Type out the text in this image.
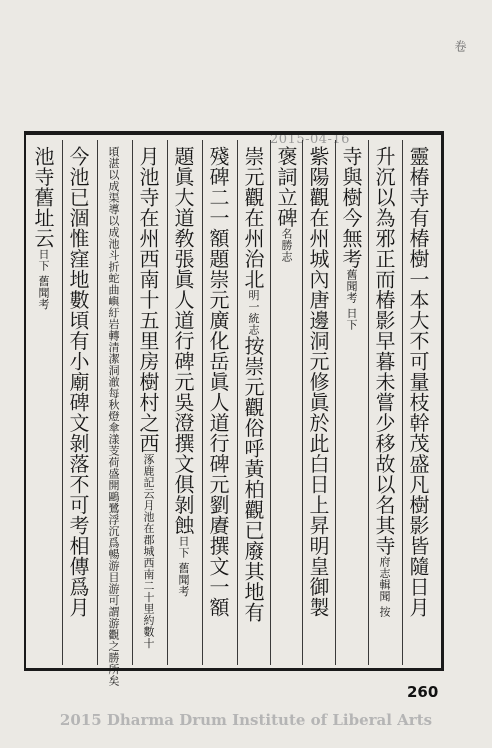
2015-04-16
卷
靈椿寺有椿樹一本大不可量枝幹茂盛凡樹影皆隨日月
升沉以為邪正而椿影早暮未嘗少移故以名其寺府志輯聞 按
寺與樹今無考舊聞考 日下
紫陽觀在州城內唐邊洞元修眞於此白日上昇明皇御製
褒詞立碑名勝志
崇元觀在州治北明一統志按崇元觀俗呼黃柏觀已廢其地有
殘碑二一額題崇元廣化岳眞人道行碑元劉賡撰文一額
題眞大道敎張眞人道行碑元吳澄撰文俱剝蝕日下 舊聞考
月池寺在州西南十五里房樹村之西涿鹿記云月池在郡城西南二十里約數十
頃湛以成渠導以成池斗折蛇曲嶼紆岩轉清潔洞澈每秋燈傘漾芰荷盛開鷗鷺浮沉爲暢游目游可謂游觀之勝所矣
今池已涸惟窪地數頃有小廟碑文剝落不可考相傳爲月
池寺舊址云日下 舊聞考
260
2015 Dharma Drum Institute of Liberal Arts
